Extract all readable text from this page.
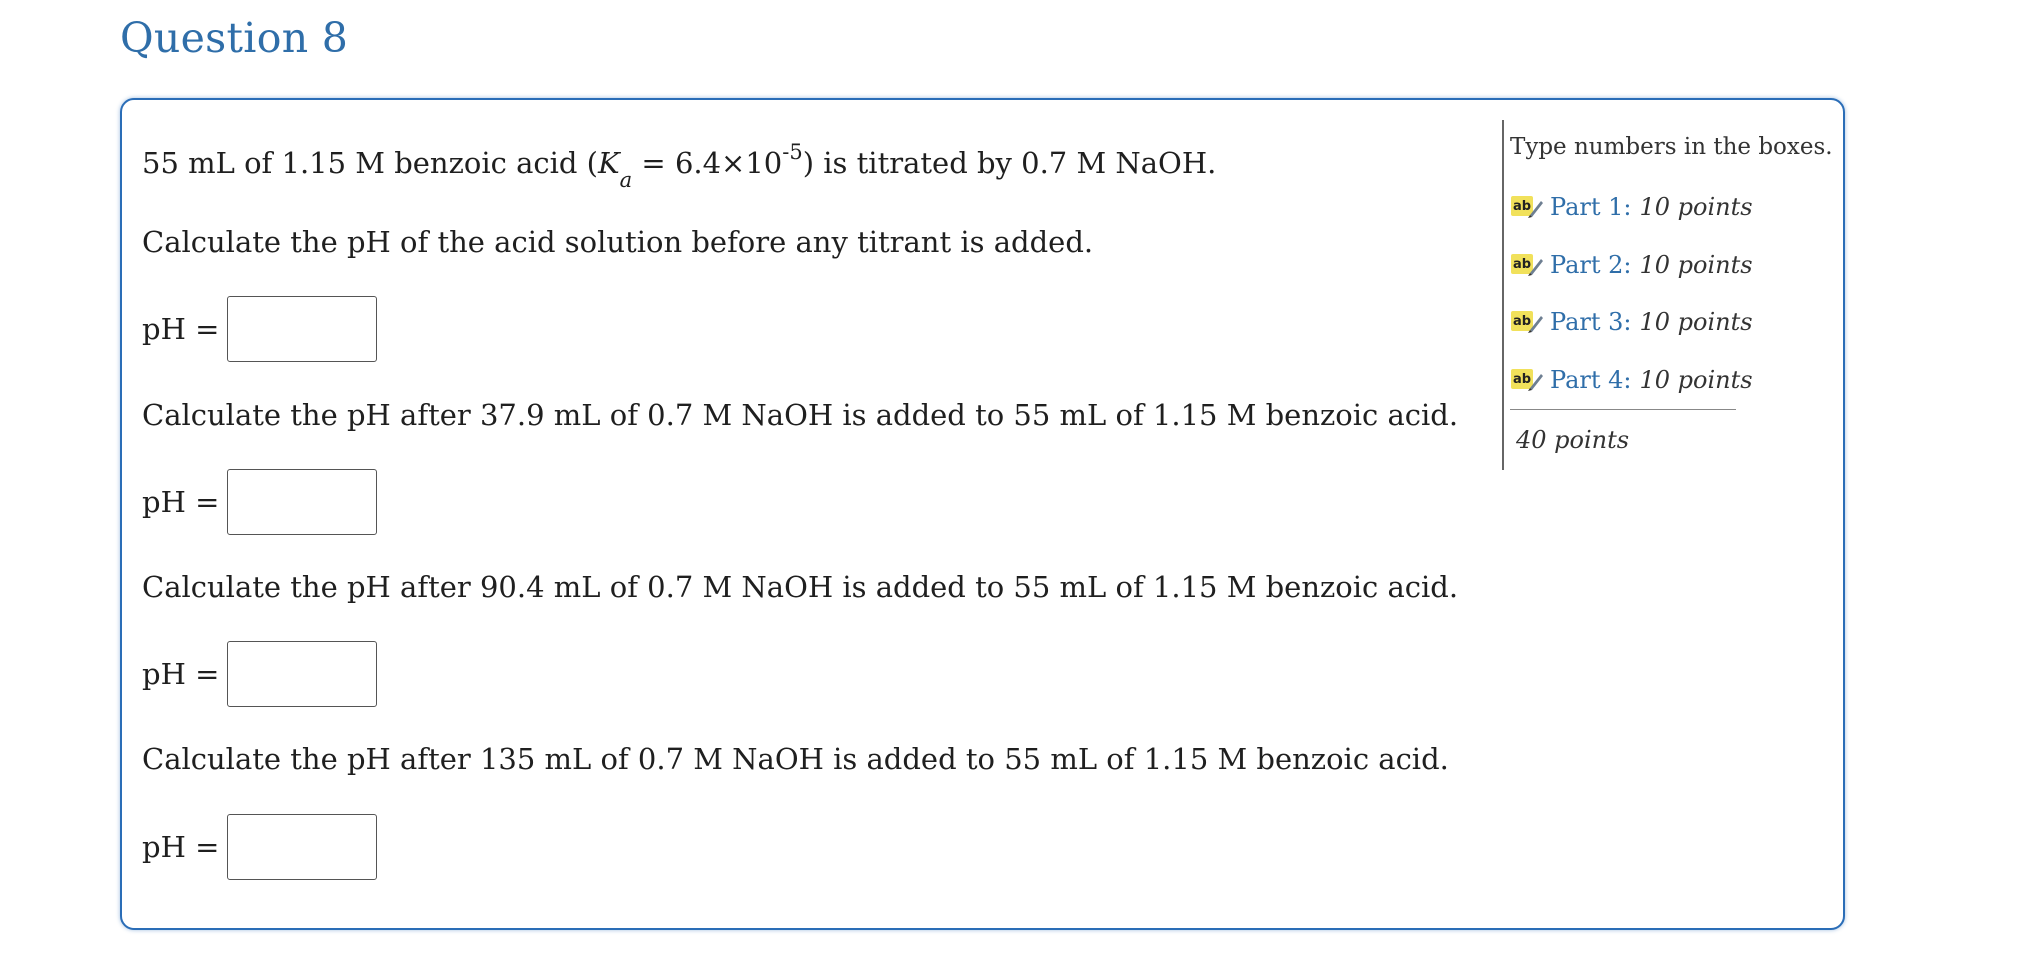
Question 8

55 mL of 1.15 M benzoic acid $(K_a = 6.4\times 10^{-5})$ is titrated by 0.7 M NaOH.

Calculate the pH of the acid solution before any titrant is added.

pH =

Calculate the pH after 37.9 mL of 0.7 M NaOH is added to 55 mL of 1.15 M benzoic acid.

pH =

Calculate the pH after 90.4 mL of 0.7 M NaOH is added to 55 mL of 1.15 M benzoic acid.

pH =

Calculate the pH after 135 mL of 0.7 M NaOH is added to 55 mL of 1.15 M benzoic acid.

pH =
Type numbers in the boxes.
ab Part 1 : 10 points
ab Part 2 : 10 points
ab Part 3 : 10 points
ab Part 4 : 10 points
40 points
